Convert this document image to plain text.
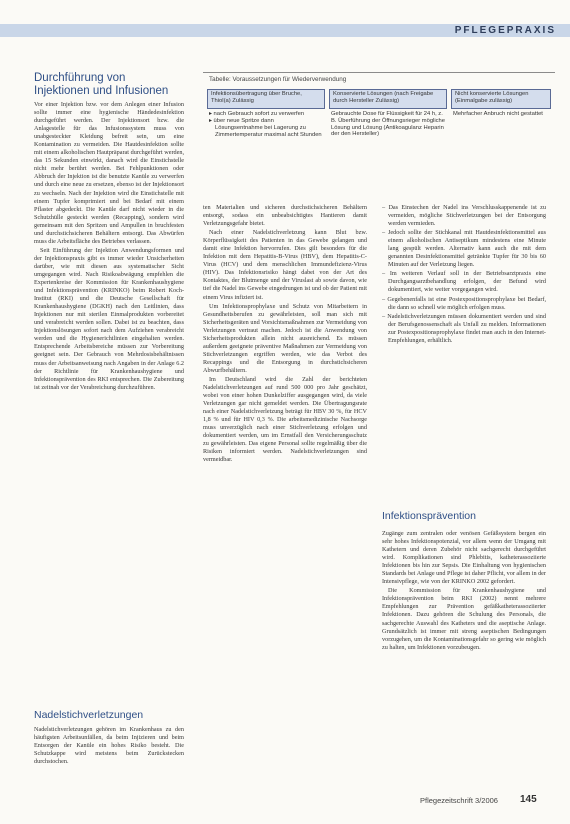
PFLEGEPRAXIS
Durchführung von Injektionen und Infusionen

Vor einer Injektion bzw. vor dem Anlegen einer Infusion sollte immer eine hygienische Händedesinfektion durchgeführt werden. Der Injektionsort bzw. die Anlagestelle für das Infusionssystem muss von unabgesteckter Kleidung befreit sein, um eine Kontamination zu vermeiden. Die Hautdesinfektion sollte mit einem alkoholischen Hautpräparat durchgeführt werden, das 15 Sekunden einwirkt, danach wird die Einstichstelle nicht mehr berührt werden. Bei Fehlpunktionen oder Abbruch der Injektion ist die benutzte Kanüle zu verwerfen und durch eine neue zu ersetzen, ebenso ist der Injektionsort zu wechseln. Nach der Injektion wird die Einstichstelle mit einem Tupfer komprimiert und bei Bedarf mit einem Pflaster abgedeckt. Die Kanüle darf nicht wieder in die Schutzhülle gesteckt werden (Recapping), sondern wird gemeinsam mit den Spritzen und Ampullen in bruchfesten und durchstichsicheren Behältern entsorgt. Das Abwürfen muss die Arbeitsfläche des Betriebes verlassen.

Seit Einführung der Injektion Anwendungsformen und der Injektionspraxis gibt es immer wieder Unsicherheiten darüber, wie mit diesen aus systematischer Sicht umgegangen wird. Nach Risikoabwägung empfehlen die Expertenkreise der Kommission für Krankenhaushygiene und Infektionsprävention (KRINKO) beim Robert Koch-Institut (RKI) und die Deutsche Gesellschaft für Krankenhaushygiene (DGKH) nach den Leitlinien, dass Injektionen nur mit sterilen Einmalprodukten vorbereitet und verabreicht werden sollen. Dabei ist zu beachten, dass Injektionslösungen sofort nach dem Aufziehen verabreicht werden und die Hygienerichtlinien eingehalten werden. Entsprechende Arbeitsbereiche müssen zur Vorbereitung geeignet sein. Der Gebrauch von Mehrdosisbehältnissen muss der Arbeitsanweisung nach Angaben in der Anlage 6.2 der Richtlinie für Krankenhaushygiene und Infektionsprävention des RKI entsprechen. Die Zubereitung ist zeitnah vor der Verabreichung durchzuführen.

Nadelstichverletzungen

Nadelstichverletzungen gehören im Krankenhaus zu den häufigsten Arbeitsunfällen, da beim Injizieren und beim Entsorgen der Kanüle ein hohes Risiko besteht. Die Schutzkappe wird meistens beim Zurückstecken durchstochen.

Tabelle: Voraussetzungen für Wiederverwendung
Infektionsübertragung über Bruche, Thiol(a) Zulässig
Konservierte Lösungen (nach Freigabe durch Hersteller Zulässig)
Nicht konservierte Lösungen (Einmalgabe zulässig)
▸ nach Gebrauch sofort zu verwerfen
▸ über neue Spritze dann Lösungsentnahme bei Lagerung zu Zimmertemperatur maximal acht Stunden
Gebrauchte Dose für Flüssigkeit für 24 h, z. B. Überführung der Öffnungsrieger mögliche Lösung und Lösung (Antikoagulanz Heparin der den Hersteller)
Mehrfacher Anbruch nicht gestattet

ten Materialien und sicheren durchstichsicheren Behältern entsorgt, sodass ein unbeabsichtigtes Hantieren damit Verletzungsgefahr bietet.

Nach einer Nadelstichverletzung kann Blut bzw. Körperflüssigkeit des Patienten in das Gewebe gelangen und damit eine Infektion hervorrufen. Dies gilt besonders für die Infektion mit dem Hepatitis-B-Virus (HBV), dem Hepatitis-C-Virus (HCV) und dem menschlichen Immundefizienz-Virus (HIV). Das Infektionsrisiko hängt dabei von der Art des Kontaktes, der Blutmenge und der Viruslast ab sowie davon, wie tief die Nadel ins Gewebe eingedrungen ist und ob der Patient mit einem Virus infiziert ist.

Um Infektionsprophylaxe und Schutz von Mitarbeitern in Gesundheitsberufen zu gewährleisten, soll man sich mit Sicherheitsgeräten und Vorsichtsmaßnahmen zur Vermeidung von Verletzungen vertraut machen. Jedoch ist die Anwendung von Sicherheitsprodukten allein nicht ausreichend. Es müssen außerdem geeignete präventive Maßnahmen zur Vermeidung von Stichverletzungen ergriffen werden, wie das Verbot des Recappings und die Entsorgung in durchstichsicheren Abwurfbehältern.

Im Deutschland wird die Zahl der berichteten Nadelstichverletzungen auf rund 500 000 pro Jahr geschätzt, wobei von einer hohen Dunkelziffer ausgegangen wird, da viele Verletzungen gar nicht gemeldet werden. Die Übertragungsrate nach einer Nadelstichverletzung beträgt für HBV 30 %, für HCV 1,8 % und für HIV 0,3 %. Die arbeitsmedizinische Nachsorge muss unverzüglich nach einer Stichverletzung erfolgen und dokumentiert werden, um im Ernstfall den Versicherungsschutz zu gewährleisten. Das eigene Personal sollte regelmäßig über die Risiken informiert werden. Nadelstichverletzungen sind vermeidbar.

– Das Einstechen der Nadel ins Verschlusskappenende ist zu vermeiden, mögliche Stichverletzungen bei der Entsorgung werden vermieden.

– Jedoch sollte der Stichkanal mit Hautdesinfektionsmittel aus einem alkoholischen Antiseptikum mindestens eine Minute lang gespült werden. Alternativ kann auch die mit dem genannten Desinfektionsmittel getränkte Tupfer für 30 bis 60 Minuten auf der Verletzung liegen.

– Im weiteren Verlauf soll in der Betriebsarztpraxis eine Durchgangsarztbehandlung erfolgen, der Befund wird dokumentiert, wie weiter vorgegangen wird.

– Gegebenenfalls ist eine Postexpositionsprophylaxe bei Bedarf, die dann so schnell wie möglich erfolgen muss.

– Nadelstichverletzungen müssen dokumentiert werden und sind der Berufsgenossenschaft als Unfall zu melden. Informationen zur Postexpositionsprophylaxe findet man auch in den Internet-Empfehlungen, erhältlich.

Infektionsprävention

Zugänge zum zentralen oder venösen Gefäßsystem bergen ein sehr hohes Infektionspotenzial, vor allem wenn der Umgang mit Kathetern und deren Zubehör nicht sachgerecht durchgeführt wird. Komplikationen sind Phlebitis, katheterassoziierte Infektionen bis hin zur Sepsis. Die Einhaltung von hygienischen Standards bei Anlage und Pflege ist daher Pflicht, vor allem in der Intensivpflege, wie von der KRINKO 2002 gefordert.

Die Kommission für Krankenhaushygiene und Infektionsprävention beim RKI (2002) nennt mehrere Empfehlungen zur Prävention gefäßkatheterassoziierter Infektionen. Dazu gehören die Schulung des Personals, die sachgerechte Auswahl des Katheters und die aseptische Anlage. Grundsätzlich ist immer mit streng aseptischen Bedingungen vorzugehen, um die Kontaminationsgefahr so gering wie möglich zu halten, um Infektionen vorzubeugen.

Pflegezeitschrift 3/2006 145
